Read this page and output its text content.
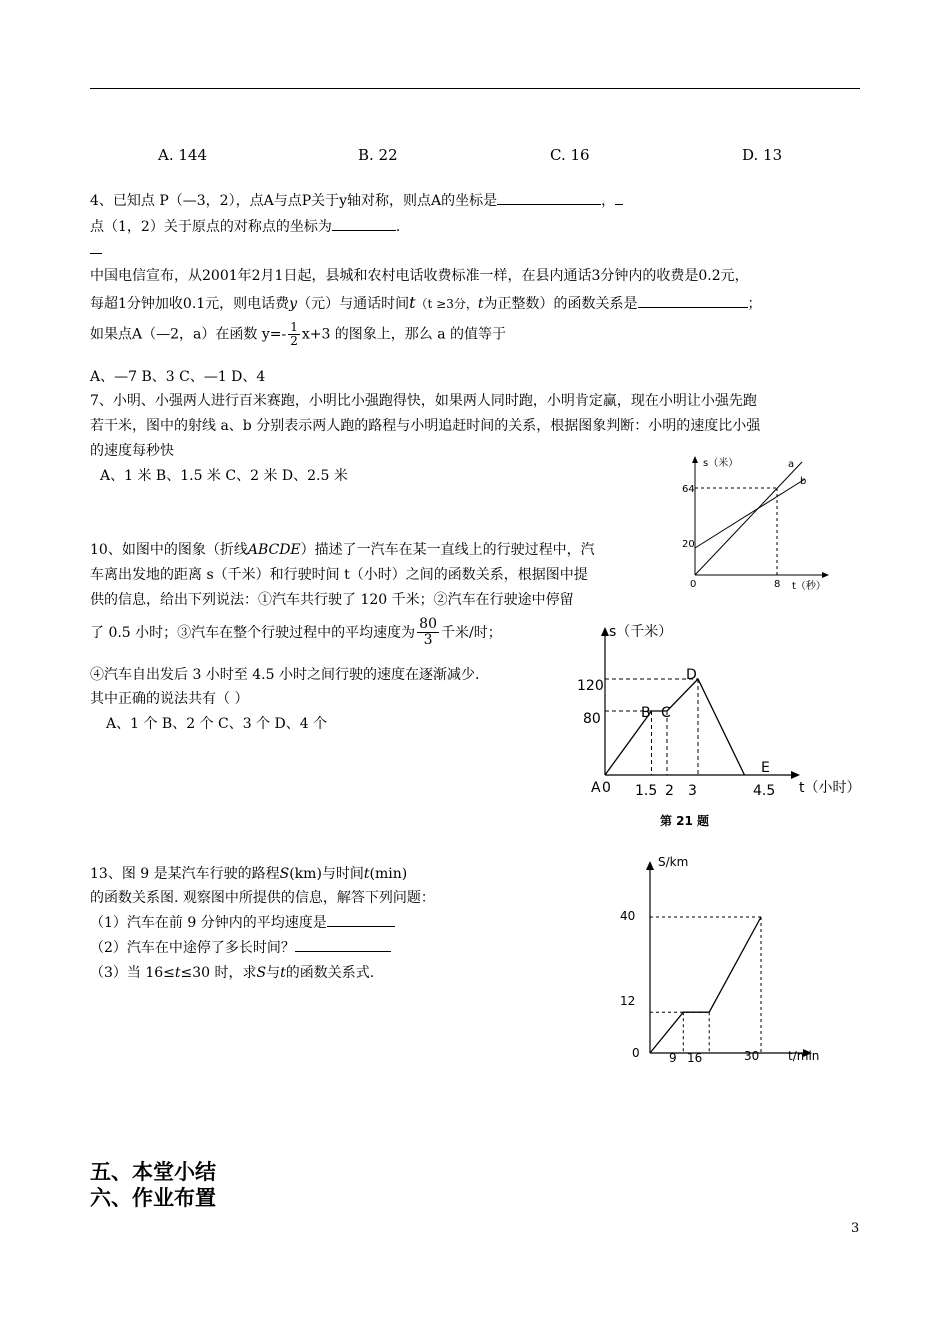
A. 144	B. 22	C. 16	D. 13
4、已知点 P（—3，2），点A与点P关于y轴对称，则点A的坐标是	，
点（1，2）关于原点的对称点的坐标为	.
中国电信宣布，从2001年2月1日起，县城和农村电话收费标准一样，在县内通话3分钟内的收费是0.2元，
每超1分钟加收0.1元，则电话费y（元）与通话时间t（t ≥3分，t为正整数）的函数关系是	；
如果点A（—2，a）在函数 $y=- \frac{1}{2} x+3$ 的图象上，那么 a 的值等于
A、—7 B、3 C、—1 D、4
7、小明、小强两人进行百米赛跑，小明比小强跑得快，如果两人同时跑，小明肯定赢，现在小明让小强先跑
若干米，图中的射线 a、b 分别表示两人跑的路程与小明追赶时间的关系，根据图象判断：小明的速度比小强
的速度每秒快
A、1 米 B、1.5 米 C、2 米 D、2.5 米
s（米）	a
b
64
20
0	8 t（秒）
10、如图中的图象（折线ABCDE）描述了一汽车在某一直线上的行驶过程中，汽
车离出发地的距离 s（千米）和行驶时间 t（小时）之间的函数关系，根据图中提
供的信息，给出下列说法：①汽车共行驶了 120 千米；②汽车在行驶途中停留
了 0.5 小时；③汽车在整个行驶过程中的平均速度为 $\frac{80}{3}$ 千米/时；
④汽车自出发后 3 小时至 4.5 小时之间行驶的速度在逐渐减少.
其中正确的说法共有（ ）
A、1 个 B、2 个 C、3 个 D、4 个
s（千米）
120
80
A 0
B C
D
E
1.5 2 3	4.5 t（小时）
第 21 题
13、图 9 是某汽车行驶的路程S(km)与时间t(min)
的函数关系图. 观察图中所提供的信息，解答下列问题：
（1）汽车在前 9 分钟内的平均速度是
（2）汽车在中途停了多长时间？
（3）当 16≤t≤30 时，求S与t的函数关系式.
S/km
40
12
0 9 16	30 t/min
五、本堂小结
六、作业布置
3
